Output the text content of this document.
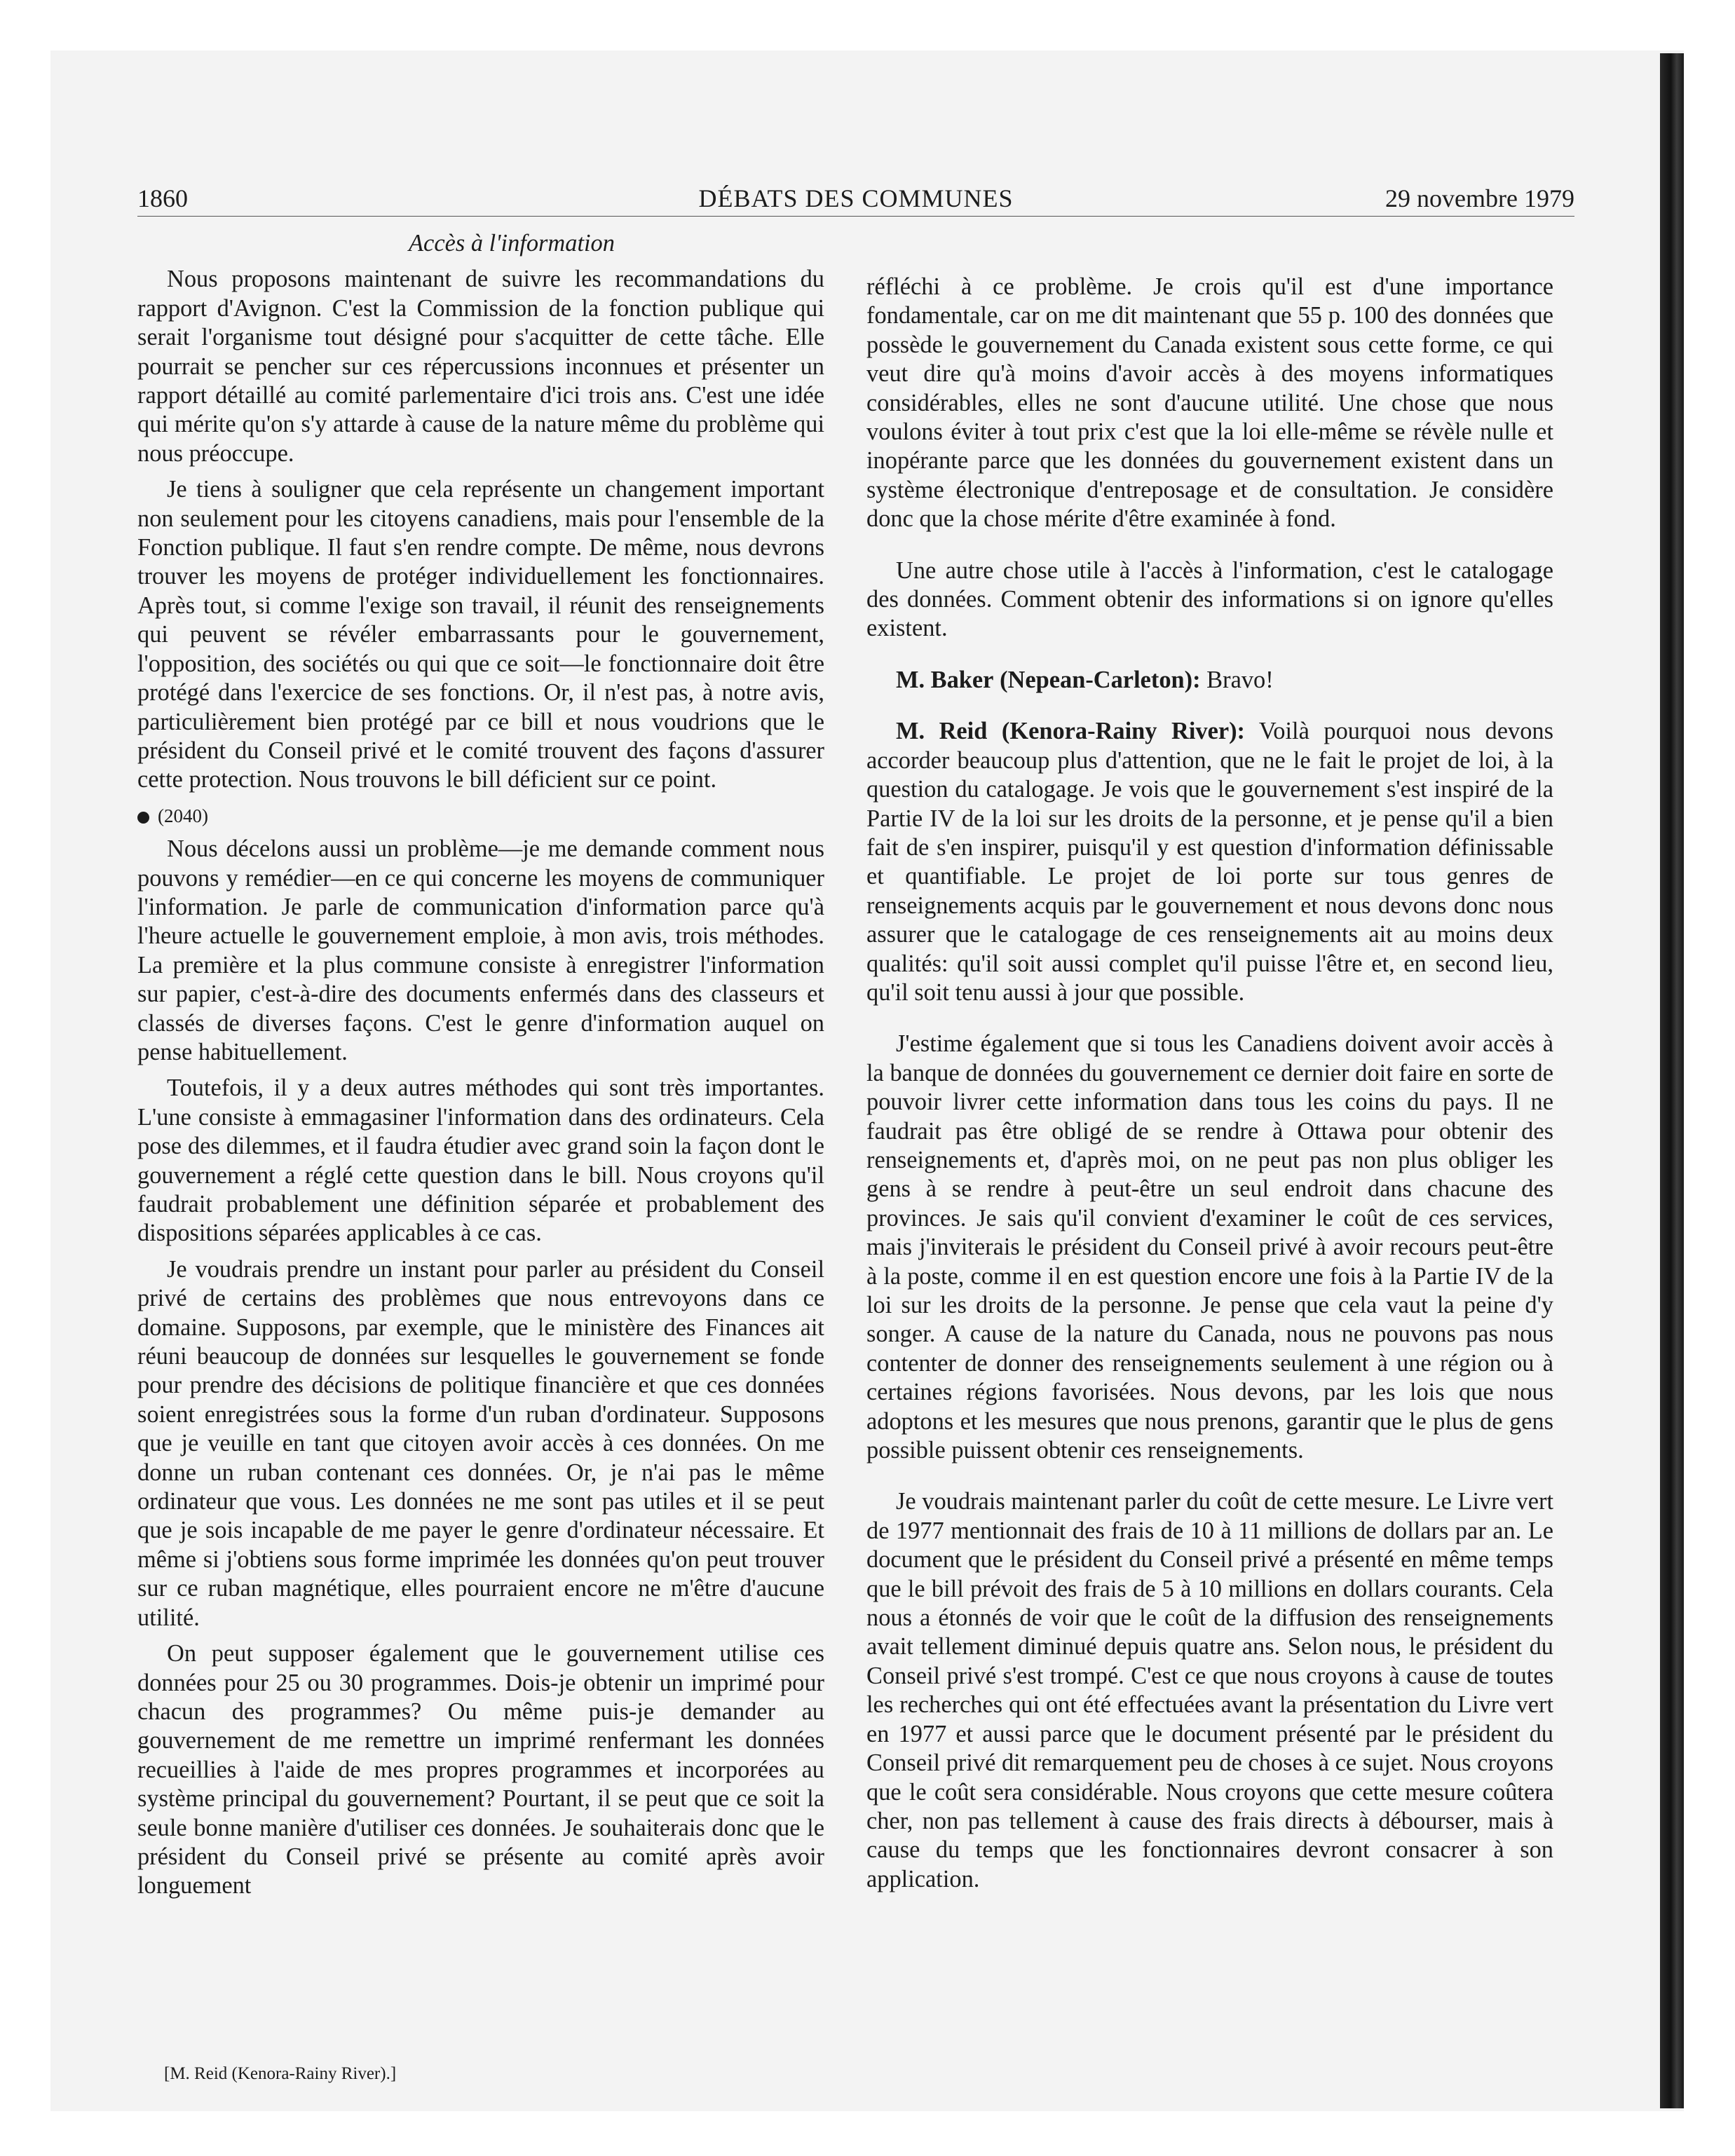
1860	DÉBATS DES COMMUNES	29 novembre 1979

Accès à l'information

Nous proposons maintenant de suivre les recommandations du rapport d'Avignon. C'est la Commission de la fonction publique qui serait l'organisme tout désigné pour s'acquitter de cette tâche. Elle pourrait se pencher sur ces répercussions inconnues et présenter un rapport détaillé au comité parlementaire d'ici trois ans. C'est une idée qui mérite qu'on s'y attarde à cause de la nature même du problème qui nous préoccupe.

Je tiens à souligner que cela représente un changement important non seulement pour les citoyens canadiens, mais pour l'ensemble de la Fonction publique. Il faut s'en rendre compte. De même, nous devrons trouver les moyens de protéger individuellement les fonctionnaires. Après tout, si comme l'exige son travail, il réunit des renseignements qui peuvent se révéler embarrassants pour le gouvernement, l'opposition, des sociétés ou qui que ce soit—le fonctionnaire doit être protégé dans l'exercice de ses fonctions. Or, il n'est pas, à notre avis, particulièrement bien protégé par ce bill et nous voudrions que le président du Conseil privé et le comité trouvent des façons d'assurer cette protection. Nous trouvons le bill déficient sur ce point.

(2040)

Nous décelons aussi un problème—je me demande comment nous pouvons y remédier—en ce qui concerne les moyens de communiquer l'information. Je parle de communication d'information parce qu'à l'heure actuelle le gouvernement emploie, à mon avis, trois méthodes. La première et la plus commune consiste à enregistrer l'information sur papier, c'est-à-dire des documents enfermés dans des classeurs et classés de diverses façons. C'est le genre d'information auquel on pense habituellement.

Toutefois, il y a deux autres méthodes qui sont très importantes. L'une consiste à emmagasiner l'information dans des ordinateurs. Cela pose des dilemmes, et il faudra étudier avec grand soin la façon dont le gouvernement a réglé cette question dans le bill. Nous croyons qu'il faudrait probablement une définition séparée et probablement des dispositions séparées applicables à ce cas.

Je voudrais prendre un instant pour parler au président du Conseil privé de certains des problèmes que nous entrevoyons dans ce domaine. Supposons, par exemple, que le ministère des Finances ait réuni beaucoup de données sur lesquelles le gouvernement se fonde pour prendre des décisions de politique financière et que ces données soient enregistrées sous la forme d'un ruban d'ordinateur. Supposons que je veuille en tant que citoyen avoir accès à ces données. On me donne un ruban contenant ces données. Or, je n'ai pas le même ordinateur que vous. Les données ne me sont pas utiles et il se peut que je sois incapable de me payer le genre d'ordinateur nécessaire. Et même si j'obtiens sous forme imprimée les données qu'on peut trouver sur ce ruban magnétique, elles pourraient encore ne m'être d'aucune utilité.

On peut supposer également que le gouvernement utilise ces données pour 25 ou 30 programmes. Dois-je obtenir un imprimé pour chacun des programmes? Ou même puis-je demander au gouvernement de me remettre un imprimé renfermant les données recueillies à l'aide de mes propres programmes et incorporées au système principal du gouvernement? Pourtant, il se peut que ce soit la seule bonne manière d'utiliser ces données. Je souhaiterais donc que le président du Conseil privé se présente au comité après avoir longuement

réfléchi à ce problème. Je crois qu'il est d'une importance fondamentale, car on me dit maintenant que 55 p. 100 des données que possède le gouvernement du Canada existent sous cette forme, ce qui veut dire qu'à moins d'avoir accès à des moyens informatiques considérables, elles ne sont d'aucune utilité. Une chose que nous voulons éviter à tout prix c'est que la loi elle-même se révèle nulle et inopérante parce que les données du gouvernement existent dans un système électronique d'entreposage et de consultation. Je considère donc que la chose mérite d'être examinée à fond.

Une autre chose utile à l'accès à l'information, c'est le catalogage des données. Comment obtenir des informations si on ignore qu'elles existent.

M. Baker (Nepean-Carleton): Bravo!

M. Reid (Kenora-Rainy River): Voilà pourquoi nous devons accorder beaucoup plus d'attention, que ne le fait le projet de loi, à la question du catalogage. Je vois que le gouvernement s'est inspiré de la Partie IV de la loi sur les droits de la personne, et je pense qu'il a bien fait de s'en inspirer, puisqu'il y est question d'information définissable et quantifiable. Le projet de loi porte sur tous genres de renseignements acquis par le gouvernement et nous devons donc nous assurer que le catalogage de ces renseignements ait au moins deux qualités: qu'il soit aussi complet qu'il puisse l'être et, en second lieu, qu'il soit tenu aussi à jour que possible.

J'estime également que si tous les Canadiens doivent avoir accès à la banque de données du gouvernement ce dernier doit faire en sorte de pouvoir livrer cette information dans tous les coins du pays. Il ne faudrait pas être obligé de se rendre à Ottawa pour obtenir des renseignements et, d'après moi, on ne peut pas non plus obliger les gens à se rendre à peut-être un seul endroit dans chacune des provinces. Je sais qu'il convient d'examiner le coût de ces services, mais j'inviterais le président du Conseil privé à avoir recours peut-être à la poste, comme il en est question encore une fois à la Partie IV de la loi sur les droits de la personne. Je pense que cela vaut la peine d'y songer. A cause de la nature du Canada, nous ne pouvons pas nous contenter de donner des renseignements seulement à une région ou à certaines régions favorisées. Nous devons, par les lois que nous adoptons et les mesures que nous prenons, garantir que le plus de gens possible puissent obtenir ces renseignements.

Je voudrais maintenant parler du coût de cette mesure. Le Livre vert de 1977 mentionnait des frais de 10 à 11 millions de dollars par an. Le document que le président du Conseil privé a présenté en même temps que le bill prévoit des frais de 5 à 10 millions en dollars courants. Cela nous a étonnés de voir que le coût de la diffusion des renseignements avait tellement diminué depuis quatre ans. Selon nous, le président du Conseil privé s'est trompé. C'est ce que nous croyons à cause de toutes les recherches qui ont été effectuées avant la présentation du Livre vert en 1977 et aussi parce que le document présenté par le président du Conseil privé dit remarquement peu de choses à ce sujet. Nous croyons que le coût sera considérable. Nous croyons que cette mesure coûtera cher, non pas tellement à cause des frais directs à débourser, mais à cause du temps que les fonctionnaires devront consacrer à son application.

[M. Reid (Kenora-Rainy River).]
